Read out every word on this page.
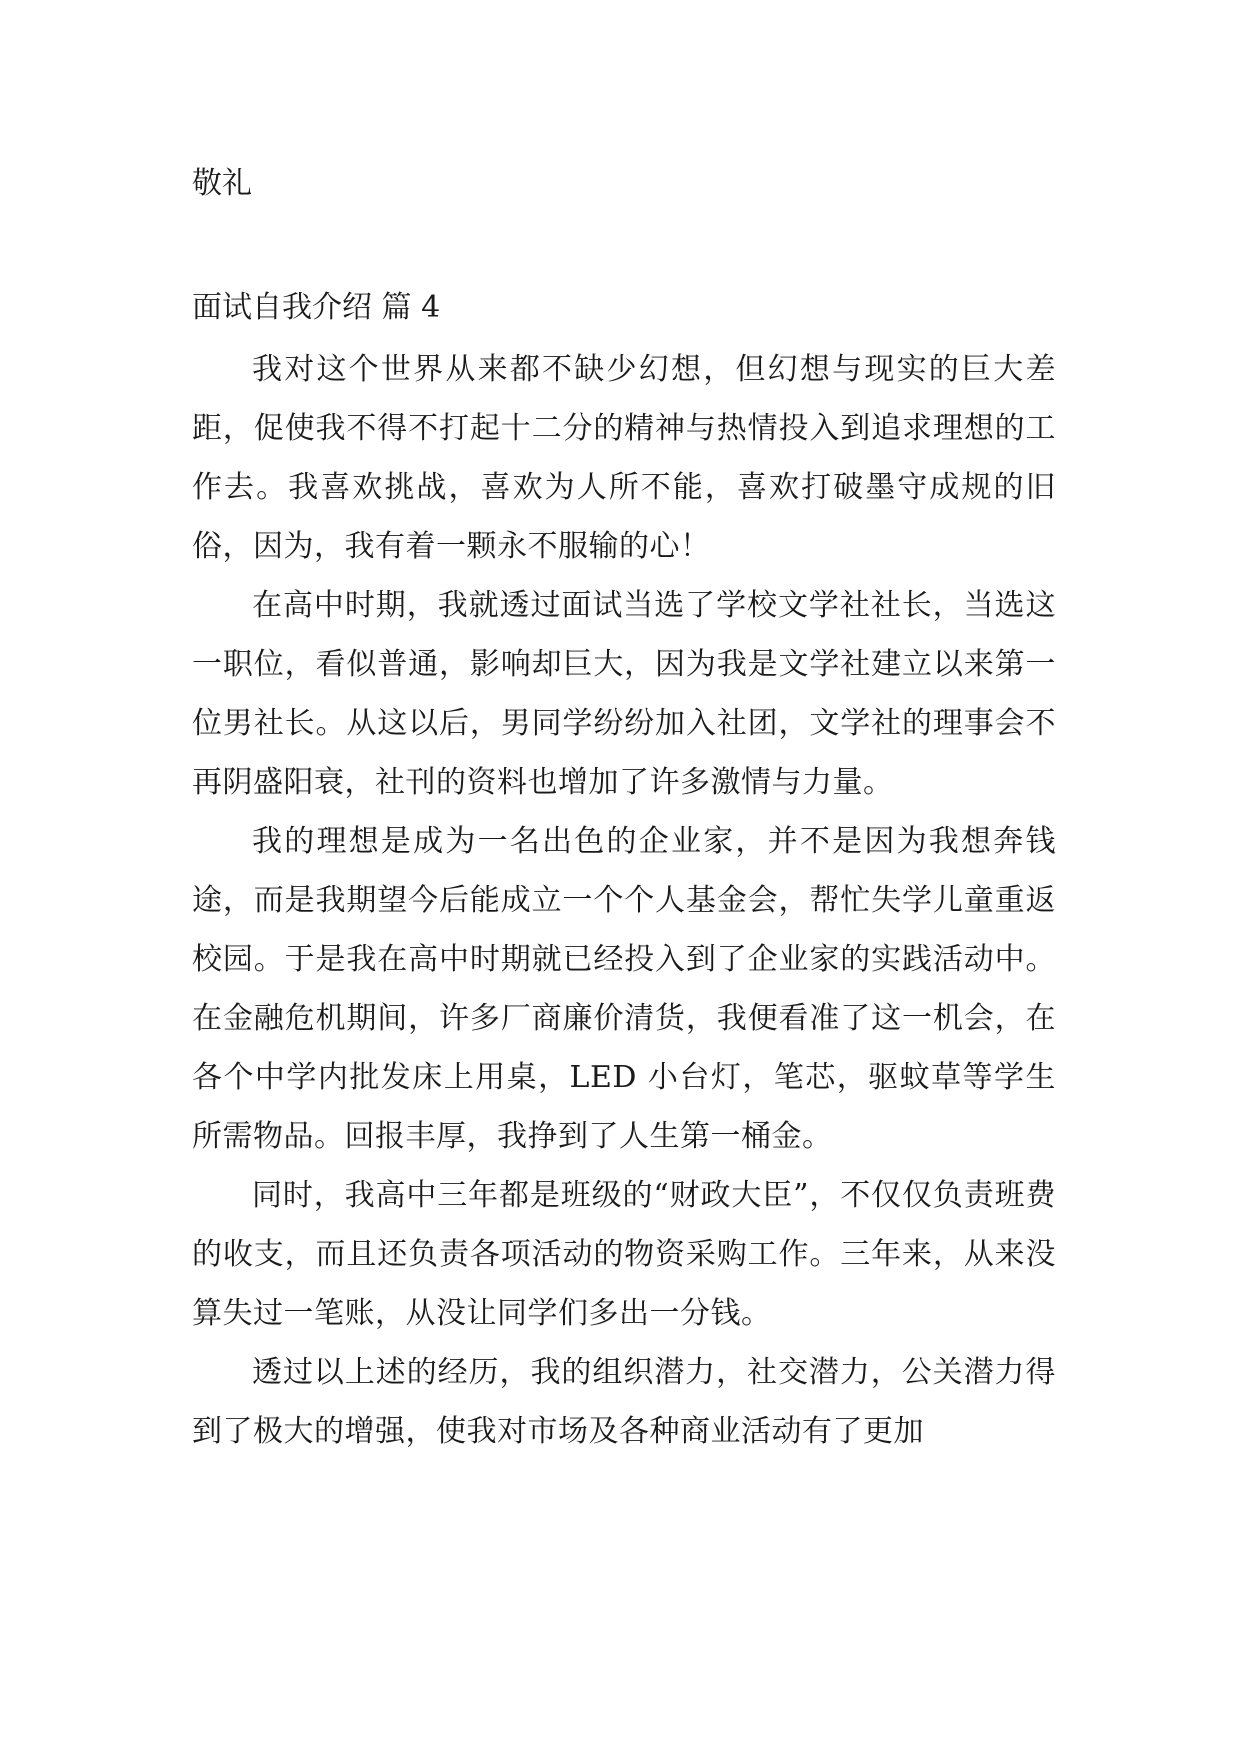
敬礼

面试自我介绍 篇 4

我对这个世界从来都不缺少幻想，但幻想与现实的巨大差距，促使我不得不打起十二分的精神与热情投入到追求理想的工作去。我喜欢挑战，喜欢为人所不能，喜欢打破墨守成规的旧俗，因为，我有着一颗永不服输的心！

在高中时期，我就透过面试当选了学校文学社社长，当选这一职位，看似普通，影响却巨大，因为我是文学社建立以来第一位男社长。从这以后，男同学纷纷加入社团，文学社的理事会不再阴盛阳衰，社刊的资料也增加了许多激情与力量。

我的理想是成为一名出色的企业家，并不是因为我想奔钱途，而是我期望今后能成立一个个人基金会，帮忙失学儿童重返校园。于是我在高中时期就已经投入到了企业家的实践活动中。在金融危机期间，许多厂商廉价清货，我便看准了这一机会，在各个中学内批发床上用桌，LED 小台灯，笔芯，驱蚊草等学生所需物品。回报丰厚，我挣到了人生第一桶金。

同时，我高中三年都是班级的“财政大臣”，不仅仅负责班费的收支，而且还负责各项活动的物资采购工作。三年来，从来没算失过一笔账，从没让同学们多出一分钱。

透过以上述的经历，我的组织潜力，社交潜力，公关潜力得到了极大的增强，使我对市场及各种商业活动有了更加
